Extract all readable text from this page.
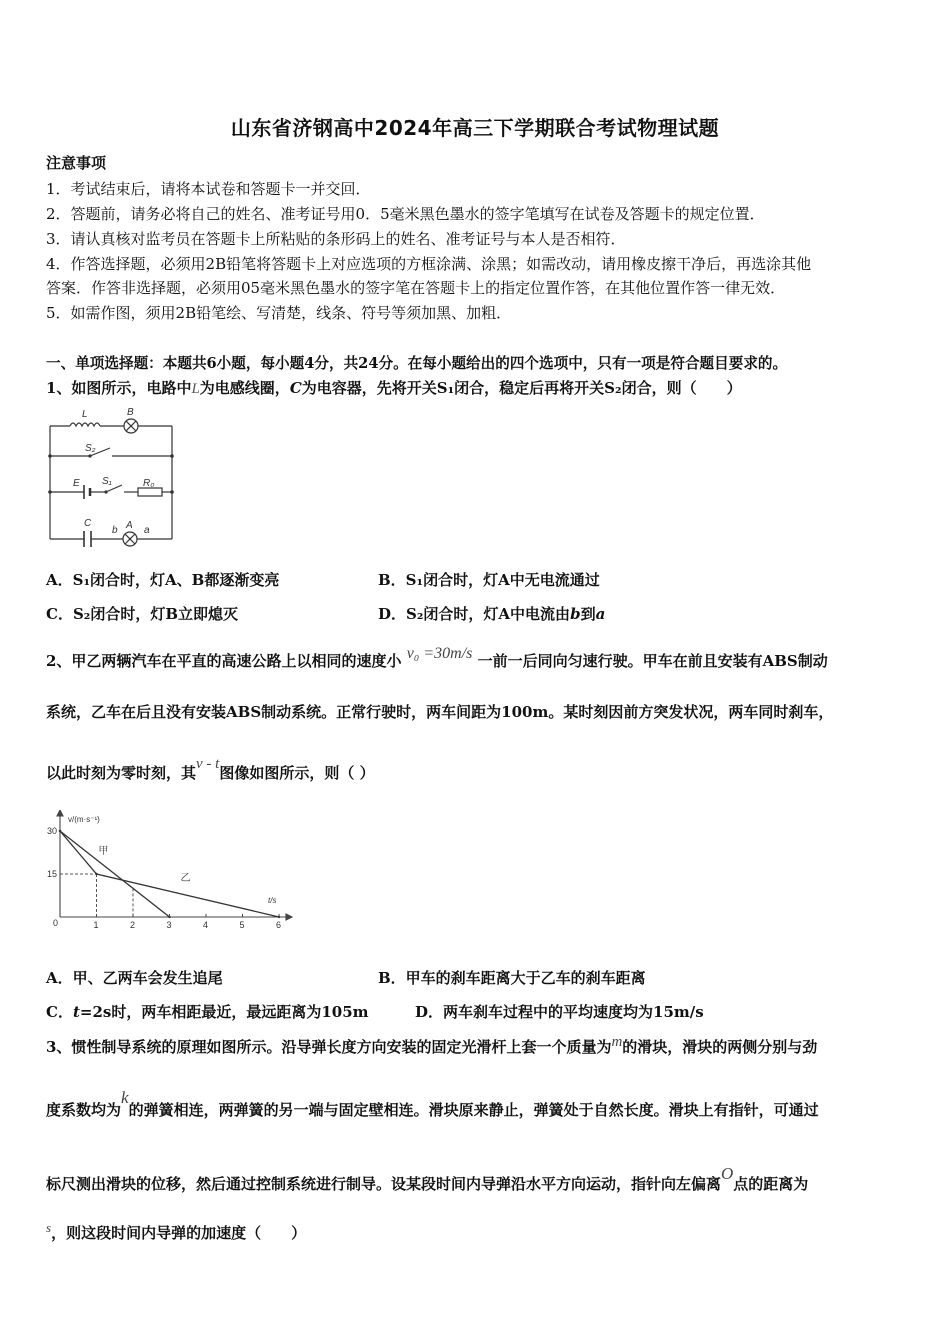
山东省济钢高中2024年高三下学期联合考试物理试题
注意事项
1．考试结束后，请将本试卷和答题卡一并交回．
2．答题前，请务必将自己的姓名、准考证号用0．5毫米黑色墨水的签字笔填写在试卷及答题卡的规定位置．
3．请认真核对监考员在答题卡上所粘贴的条形码上的姓名、准考证号与本人是否相符．
4．作答选择题，必须用2B铅笔将答题卡上对应选项的方框涂满、涂黑；如需改动，请用橡皮擦干净后，再选涂其他
答案．作答非选择题，必须用05毫米黑色墨水的签字笔在答题卡上的指定位置作答，在其他位置作答一律无效．
5．如需作图，须用2B铅笔绘、写清楚，线条、符号等须加黑、加粗．
一、单项选择题：本题共6小题，每小题4分，共24分。在每小题给出的四个选项中，只有一项是符合题目要求的。
1、如图所示，电路中L为电感线圈，C为电容器，先将开关S₁闭合，稳定后再将开关S₂闭合，则（　　）
L	B
S₂
E S₁	R₀
C
b A a
A．S₁闭合时，灯A、B都逐渐变亮	B．S₁闭合时，灯A中无电流通过
C．S₂闭合时，灯B立即熄灭	D．S₂闭合时，灯A中电流由b到a
2、甲乙两辆汽车在平直的高速公路上以相同的速度小 v₀ =30m/s 一前一后同向匀速行驶。甲车在前且安装有ABS制动
系统，乙车在后且没有安装ABS制动系统。正常行驶时，两车间距为100m。某时刻因前方突发状况，两车同时刹车，
以此时刻为零时刻，其v - t图像如图所示，则（ ）
甲
乙
1	2	3	4	5	6
15
30
v/(m·s⁻¹)
t/s
0
A．甲、乙两车会发生追尾	B．甲车的刹车距离大于乙车的刹车距离
C．t=2s时，两车相距最近，最远距离为105m	D．两车刹车过程中的平均速度均为15m/s
3、惯性制导系统的原理如图所示。沿导弹长度方向安装的固定光滑杆上套一个质量为m的滑块，滑块的两侧分别与劲
度系数均为k的弹簧相连，两弹簧的另一端与固定壁相连。滑块原来静止，弹簧处于自然长度。滑块上有指针，可通过
标尺测出滑块的位移，然后通过控制系统进行制导。设某段时间内导弹沿水平方向运动，指针向左偏离O点的距离为
s，则这段时间内导弹的加速度（　　）
